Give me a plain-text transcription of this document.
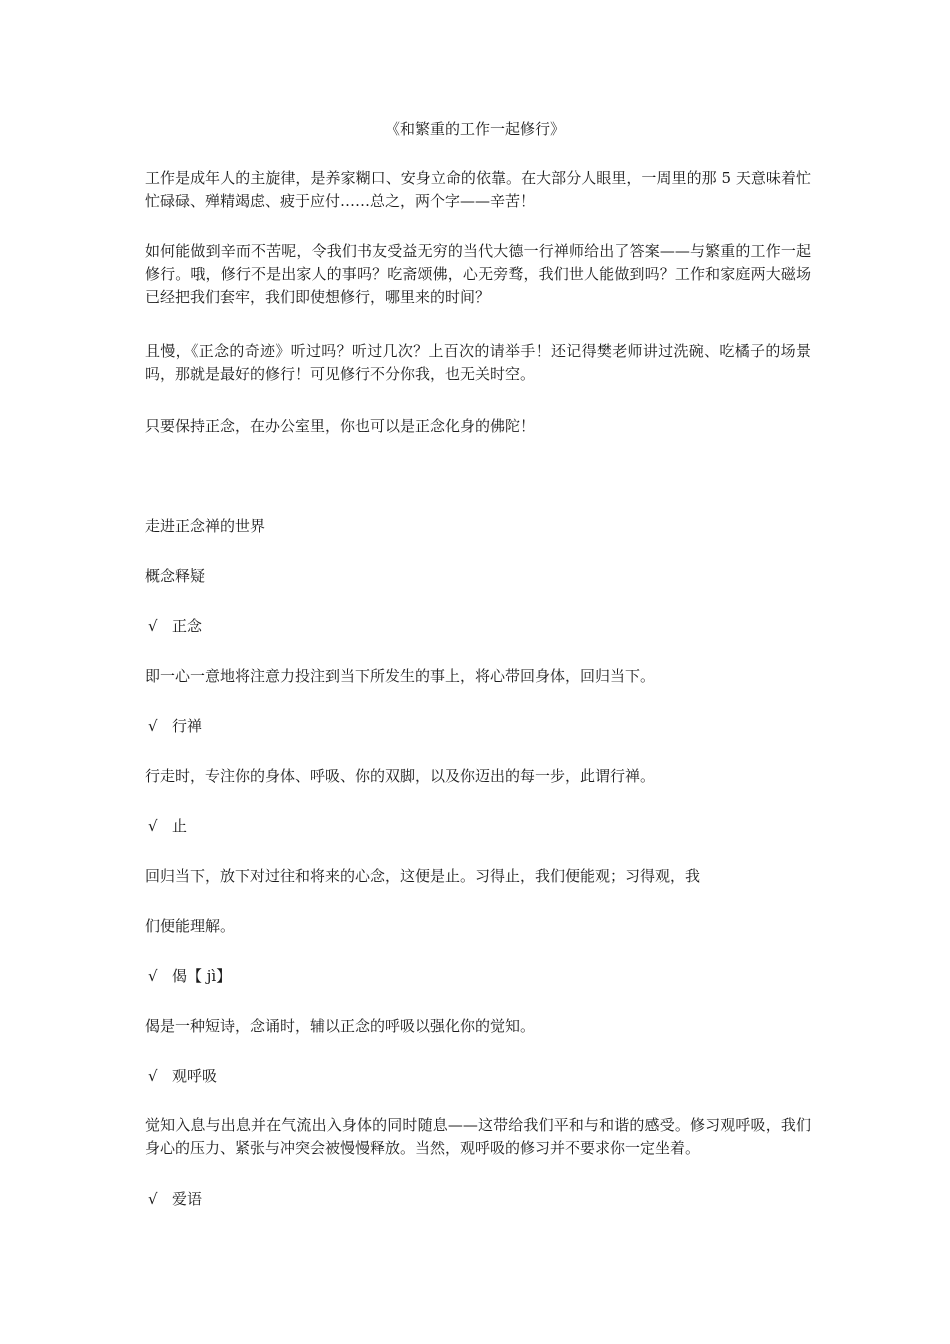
《和繁重的工作一起修行》

工作是成年人的主旋律，是养家糊口、安身立命的依靠。在大部分人眼里，一周里的那 5 天意味着忙忙碌碌、殚精竭虑、疲于应付……总之，两个字——辛苦！

如何能做到辛而不苦呢，令我们书友受益无穷的当代大德一行禅师给出了答案——与繁重的工作一起修行。哦，修行不是出家人的事吗？吃斋颂佛，心无旁骛，我们世人能做到吗？工作和家庭两大磁场已经把我们套牢，我们即使想修行，哪里来的时间？

且慢，《正念的奇迹》听过吗？听过几次？上百次的请举手！还记得樊老师讲过洗碗、吃橘子的场景吗，那就是最好的修行！可见修行不分你我，也无关时空。

只要保持正念，在办公室里，你也可以是正念化身的佛陀！

走进正念禅的世界

概念释疑

√ 正念

即一心一意地将注意力投注到当下所发生的事上，将心带回身体，回归当下。

√ 行禅

行走时，专注你的身体、呼吸、你的双脚，以及你迈出的每一步，此谓行禅。

√ 止

回归当下，放下对过往和将来的心念，这便是止。习得止，我们便能观；习得观，我

们便能理解。

√ 偈【 jì】

偈是一种短诗，念诵时，辅以正念的呼吸以强化你的觉知。

√ 观呼吸

觉知入息与出息并在气流出入身体的同时随息——这带给我们平和与和谐的感受。修习观呼吸，我们身心的压力、紧张与冲突会被慢慢释放。当然，观呼吸的修习并不要求你一定坐着。

√ 爱语
